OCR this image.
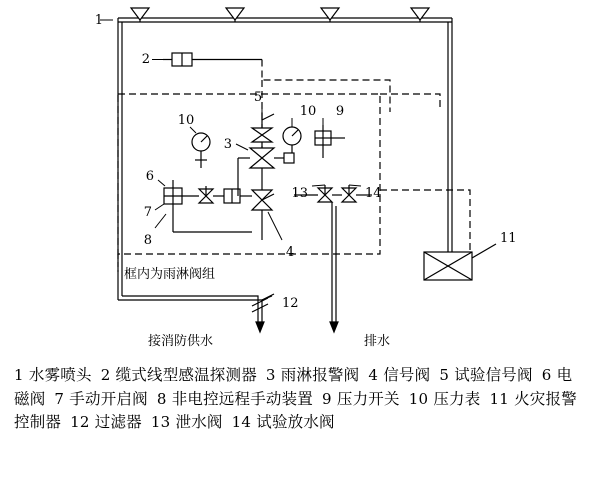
1
2
3
4
5
6
7
8
9
10
10
11
12
13	14
框内为雨淋阀组
接消防供水	排水
1 水雾喷头 2 缆式线型感温探测器 3 雨淋报警阀 4 信号阀 5 试验信号阀 6 电磁阀 7 手动开启阀 8 非电控远程手动装置 9 压力开关 10 压力表 11 火灾报警控制器 12 过滤器 13 泄水阀 14 试验放水阀
